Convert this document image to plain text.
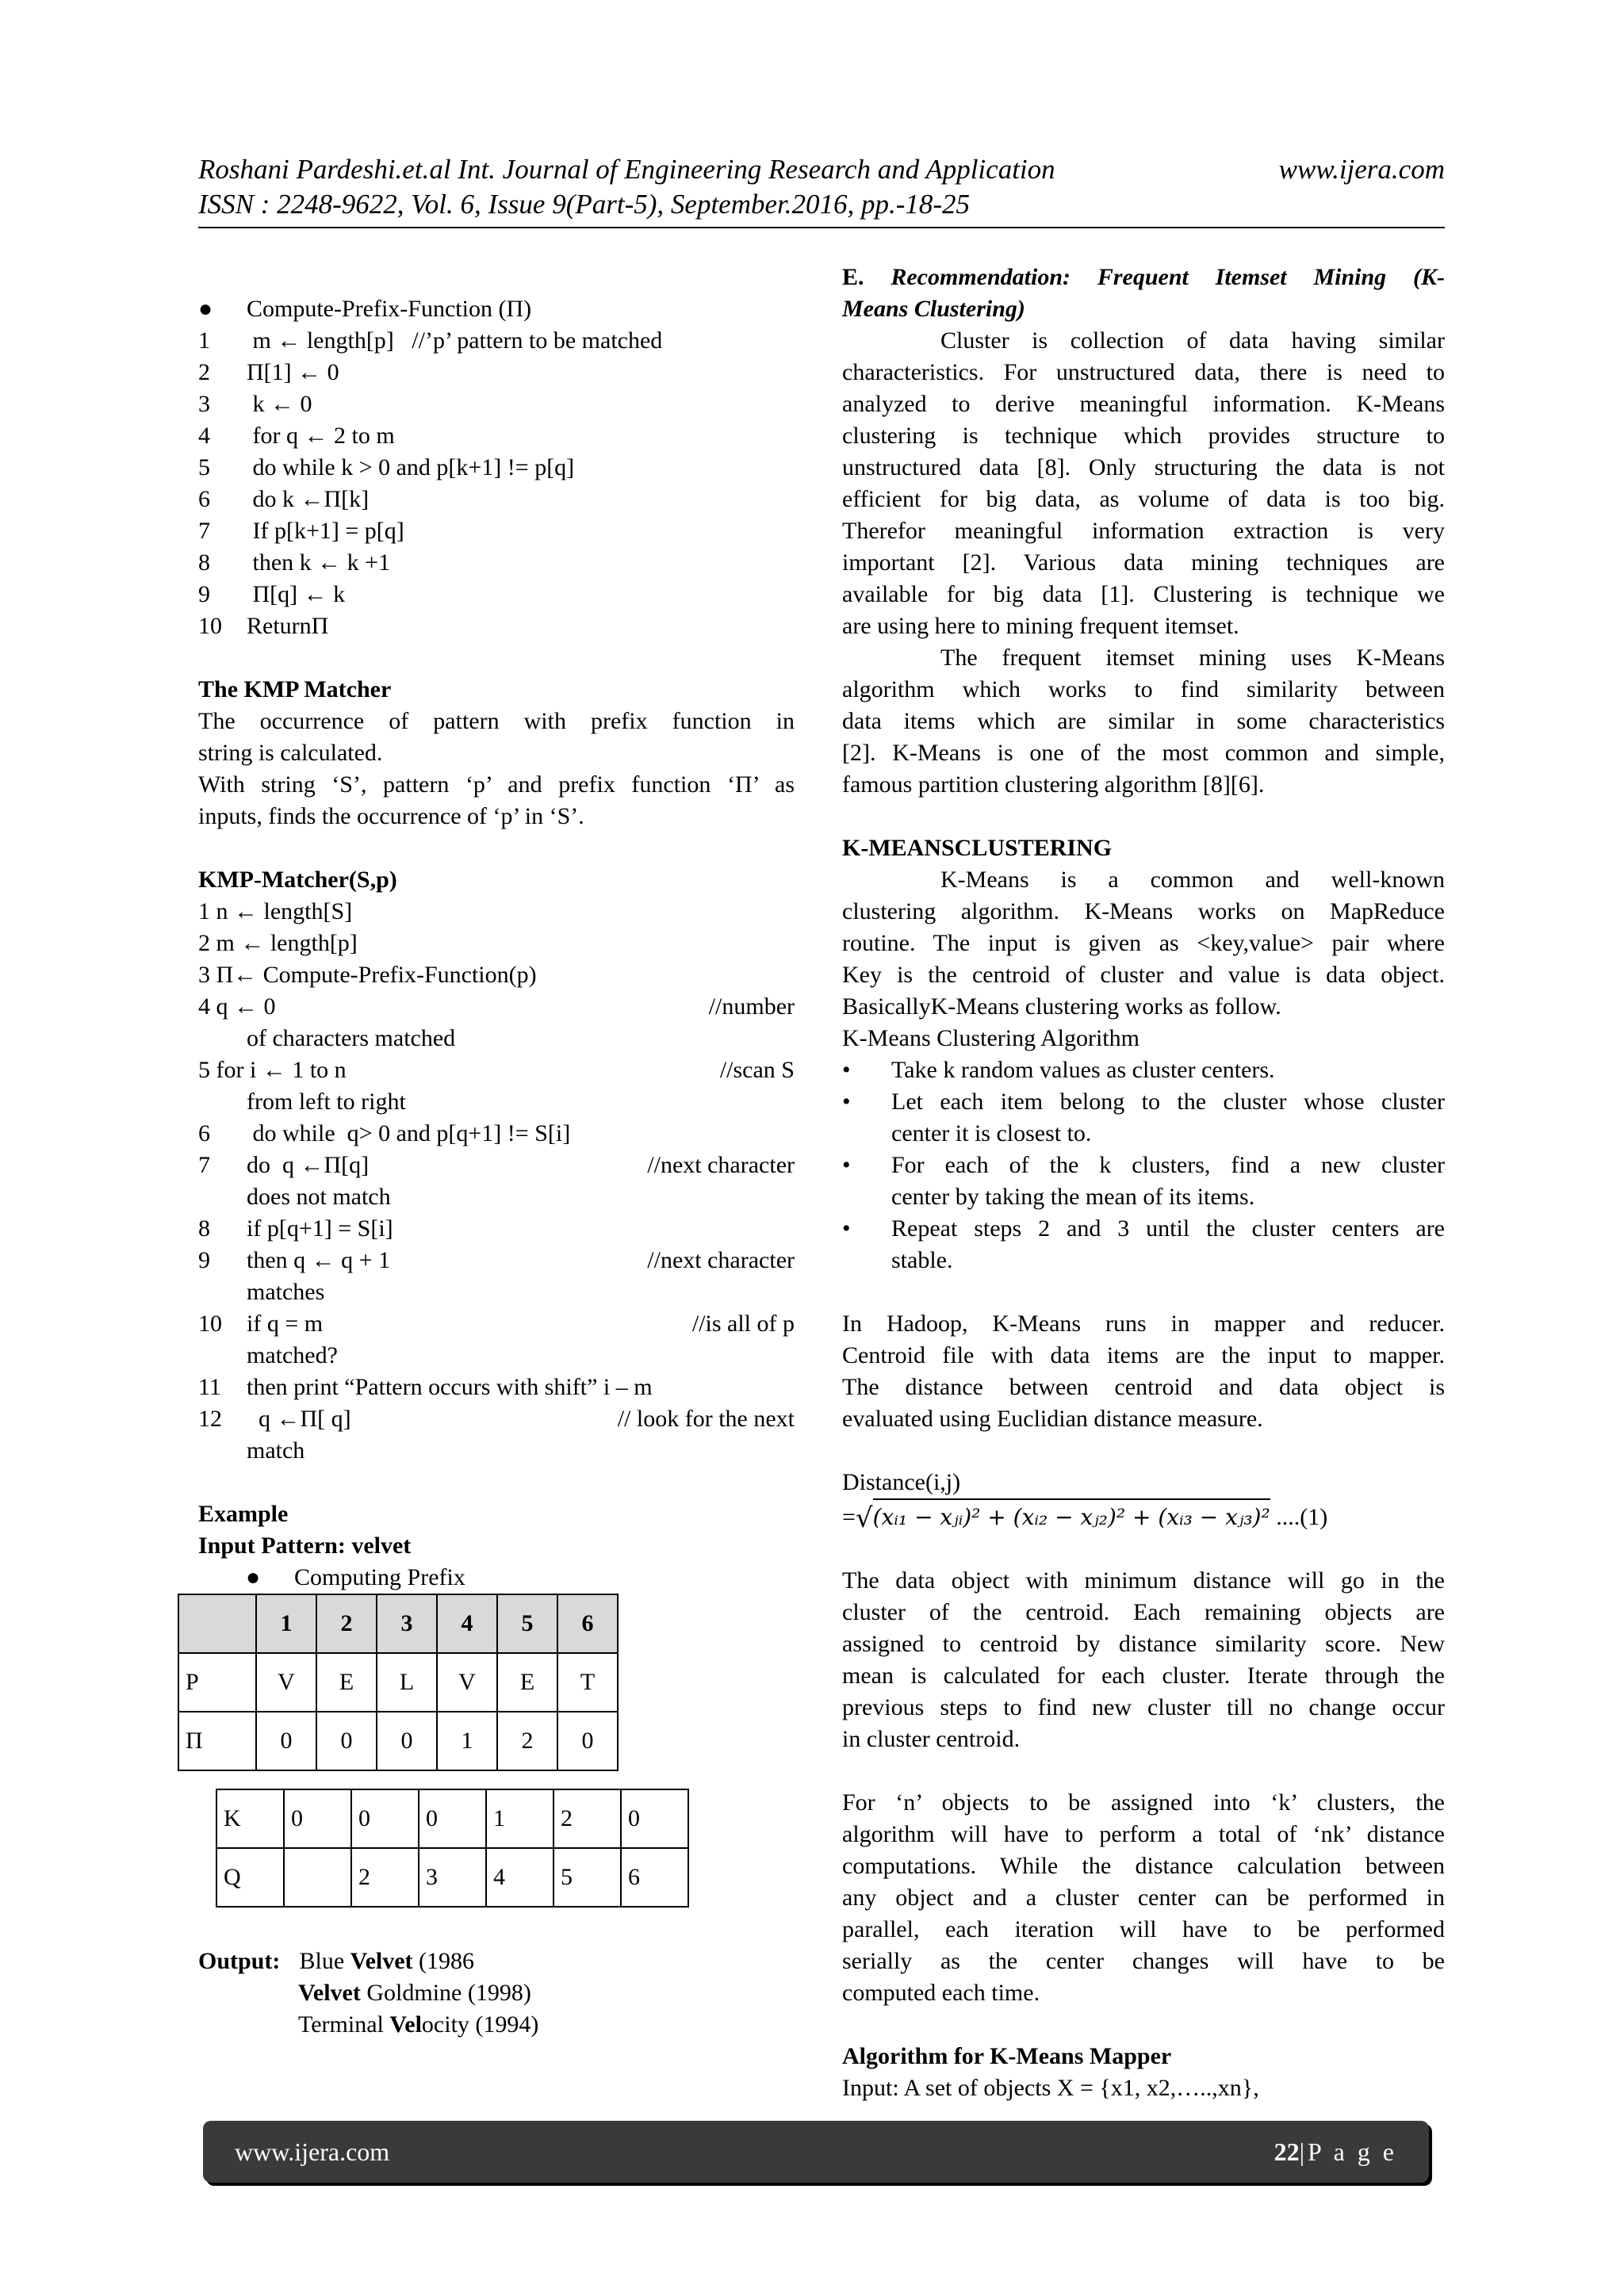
Roshani Pardeshi.et.al Int. Journal of Engineering Research and Application	www.ijera.com
ISSN : 2248-9622, Vol. 6, Issue 9(Part-5), September.2016, pp.-18-25
● Compute-Prefix-Function (Π)
1	m ← length[p]   //’p’ pattern to be matched
2	Π[1] ← 0
3	k ← 0
4	for q ← 2 to m
5	do while k > 0 and p[k+1] != p[q]
6	do k ←Π[k]
7	If p[k+1] = p[q]
8	then k ← k +1
9	Π[q] ← k
10	ReturnΠ
The KMP Matcher
The occurrence of pattern with prefix function in
string is calculated.
With string ‘S’, pattern ‘p’ and prefix function ‘Π’ as
inputs, finds the occurrence of ‘p’ in ‘S’.
KMP-Matcher(S,p)
1 n ← length[S]
2 m ← length[p]
3 Π← Compute-Prefix-Function(p)
4 q ← 0	//number
of characters matched
5 for i ← 1 to n	//scan S
from left to right
6	do while  q> 0 and p[q+1] != S[i]
7	do  q ←Π[q]	//next character
does not match
8	if p[q+1] = S[i]
9	then q ← q + 1	//next character
matches
10	if q = m	//is all of p
matched?
11	then print “Pattern occurs with shift” i – m
12	q ←Π[ q]	// look for the next
match
Example
Input Pattern: velvet
● Computing Prefix
	1	2	3	4	5	6
P	V	E	L	V	E	T
Π	0	0	0	1	2	0
K	0	0	0	1	2	0
Q		2	3	4	5	6
Output: Blue Velvet (1986
Velvet Goldmine (1998)
Terminal Velocity (1994)
E. Recommendation: Frequent Itemset Mining (K-
Means Clustering)
Cluster is collection of data having similar
characteristics. For unstructured data, there is need to
analyzed to derive meaningful information. K-Means
clustering is technique which provides structure to
unstructured data [8]. Only structuring the data is not
efficient for big data, as volume of data is too big.
Therefor meaningful information extraction is very
important [2]. Various data mining techniques are
available for big data [1]. Clustering is technique we
are using here to mining frequent itemset.
The frequent itemset mining uses K-Means
algorithm which works to find similarity between
data items which are similar in some characteristics
[2]. K-Means is one of the most common and simple,
famous partition clustering algorithm [8][6].
K-MEANSCLUSTERING
K-Means is a common and well-known
clustering algorithm. K-Means works on MapReduce
routine. The input is given as <key,value> pair where
Key is the centroid of cluster and value is data object.
BasicallyK-Means clustering works as follow.
K-Means Clustering Algorithm
•	Take k random values as cluster centers.
•	Let each item belong to the cluster whose cluster
center it is closest to.
•	For each of the k clusters, find a new cluster
center by taking the mean of its items.
•	Repeat steps 2 and 3 until the cluster centers are
stable.
In Hadoop, K-Means runs in mapper and reducer.
Centroid file with data items are the input to mapper.
The distance between centroid and data object is
evaluated using Euclidian distance measure.
Distance(i,j)
= √ (xᵢ₁ − xⱼᵢ)² + (xᵢ₂ − xⱼ₂)² + (xᵢ₃ − xⱼ₃)² ....(1)
The data object with minimum distance will go in the
cluster of the centroid. Each remaining objects are
assigned to centroid by distance similarity score. New
mean is calculated for each cluster. Iterate through the
previous steps to find new cluster till no change occur
in cluster centroid.
For ‘n’ objects to be assigned into ‘k’ clusters, the
algorithm will have to perform a total of ‘nk’ distance
computations. While the distance calculation between
any object and a cluster center can be performed in
parallel, each iteration will have to be performed
serially as the center changes will have to be
computed each time.
Algorithm for K-Means Mapper
Input: A set of objects X = {x1, x2,…..,xn},
www.ijera.com	22|P a g e
